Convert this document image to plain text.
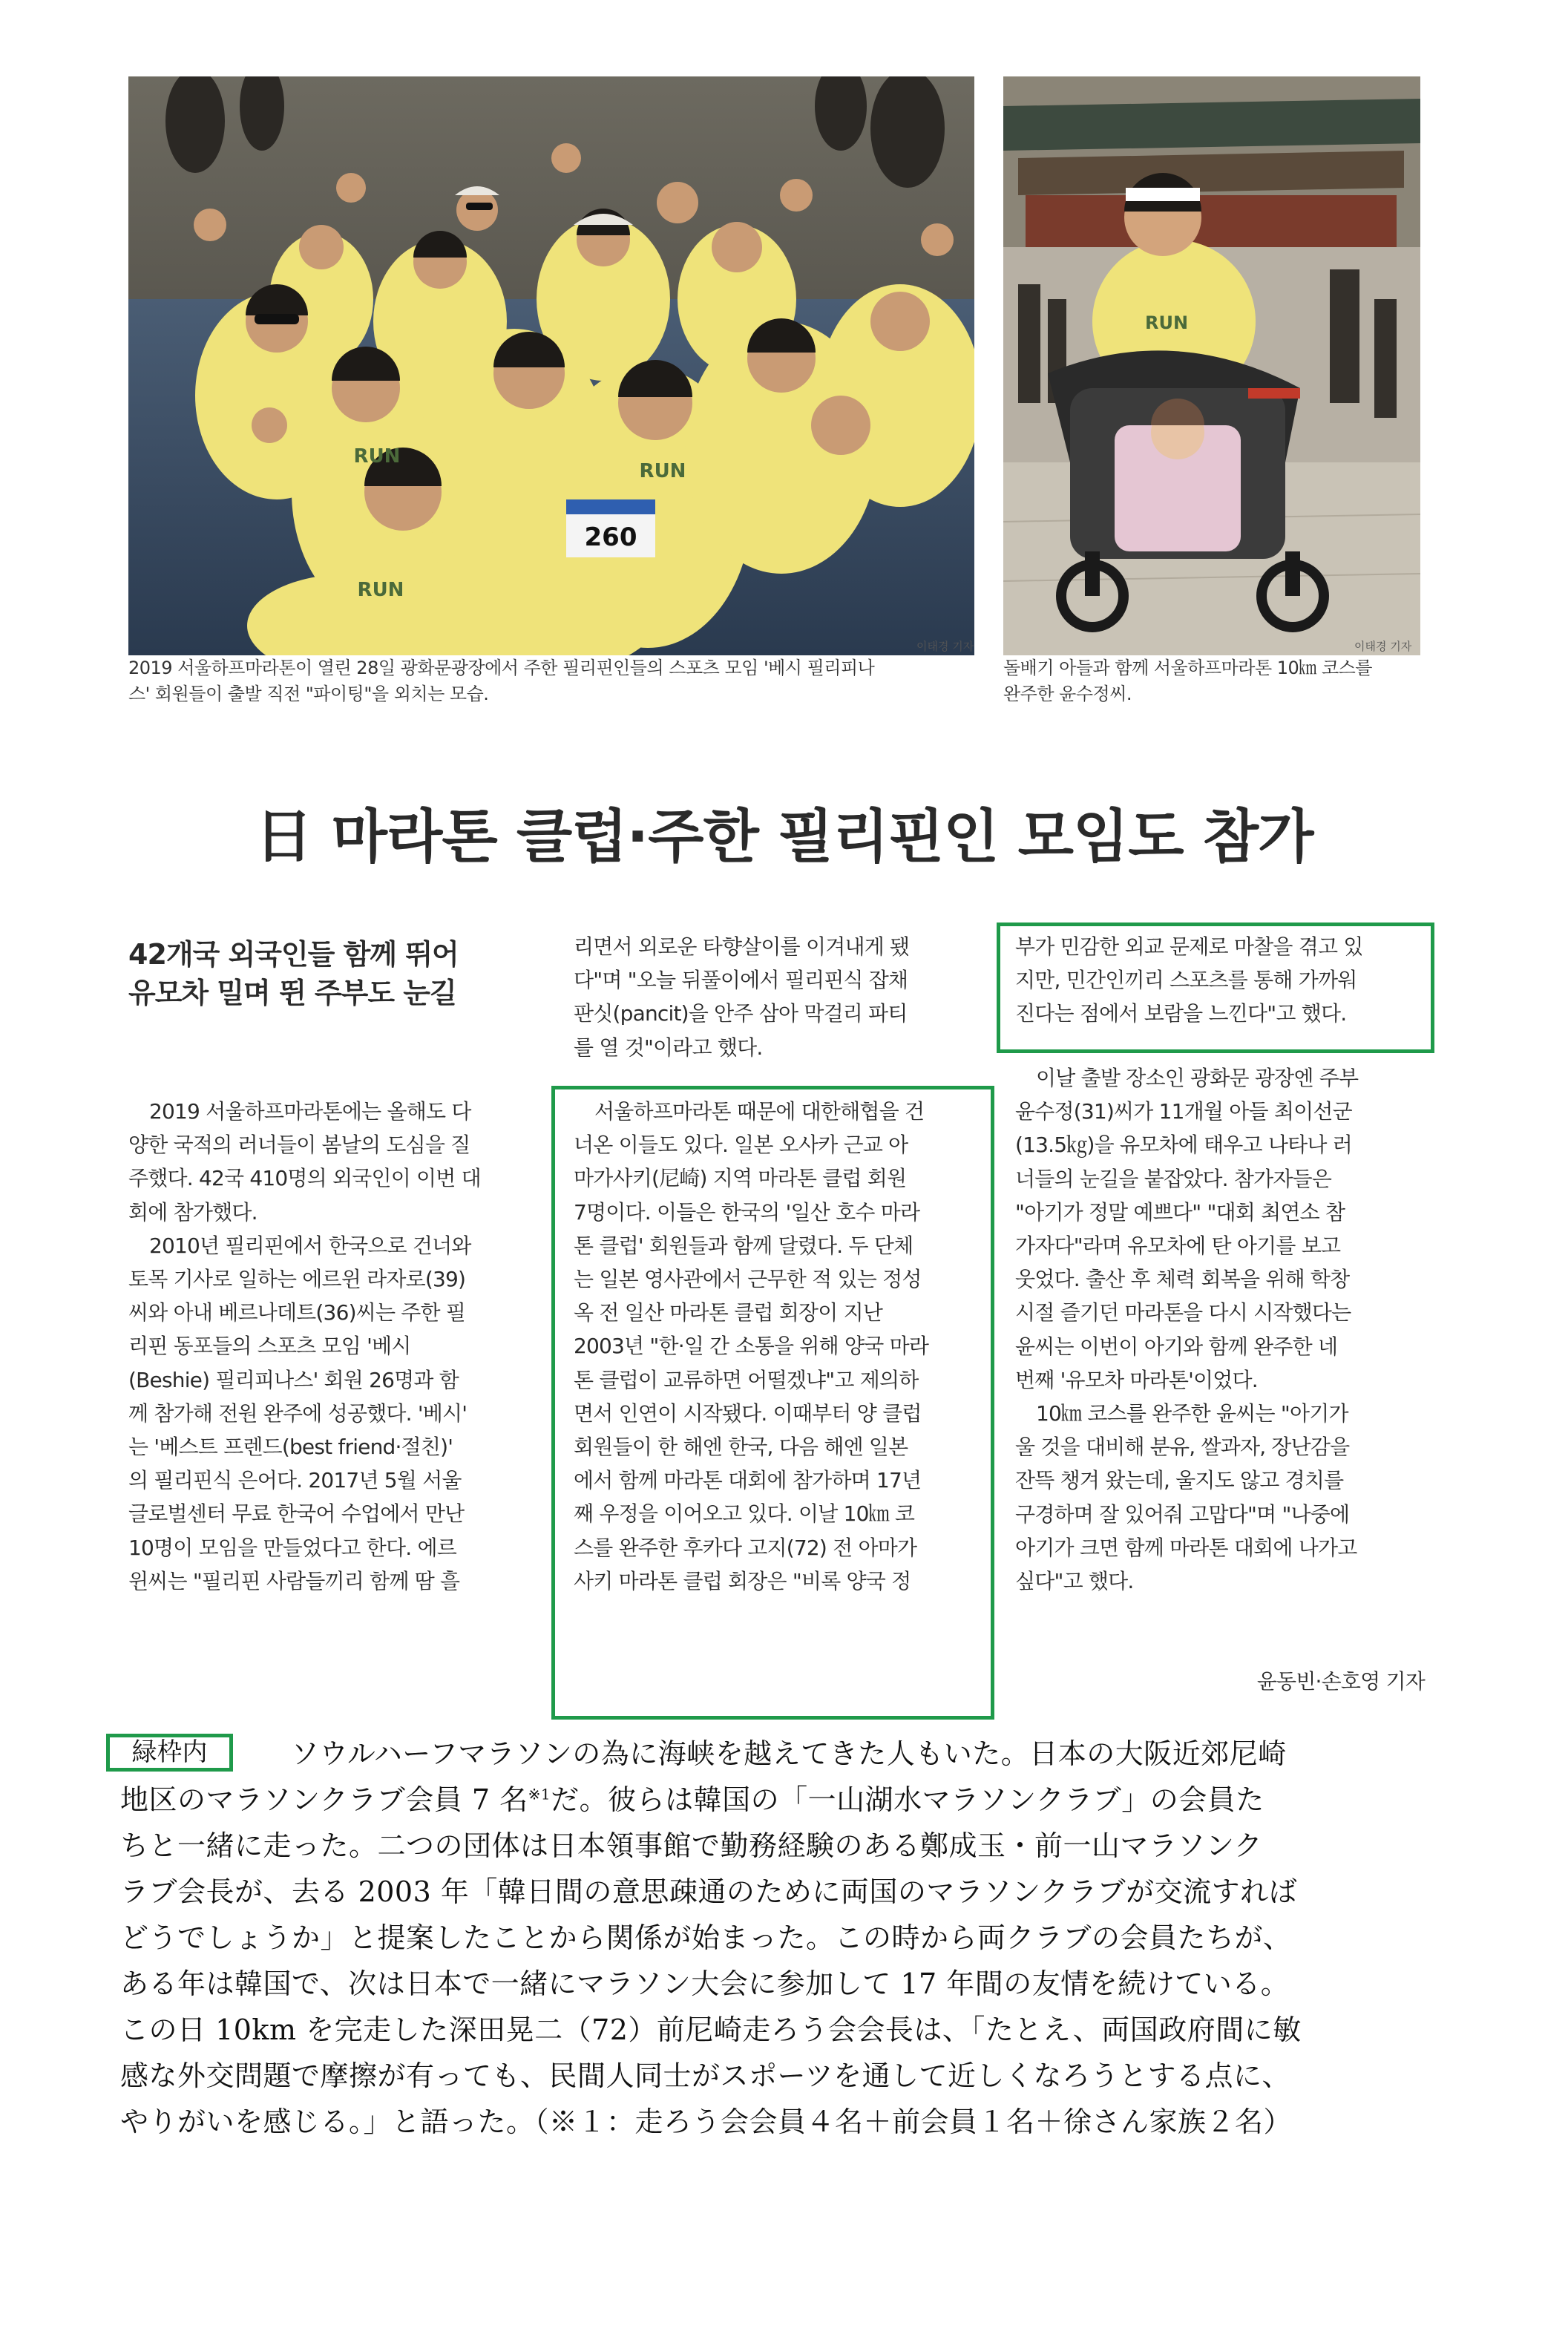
260
RUN
RUN
RUN
이태경 기자
2019 서울하프마라톤이 열린 28일 광화문광장에서 주한 필리핀인들의 스포츠 모임 '베시 필리피나
스' 회원들이 출발 직전 "파이팅"을 외치는 모습.
RUN
이태경 기자
돌배기 아들과 함께 서울하프마라톤 10㎞ 코스를
완주한 윤수정씨.
日 마라톤 클럽·주한 필리핀인 모임도 참가
42개국 외국인들 함께 뛰어
유모차 밀며 뛴 주부도 눈길

2019 서울하프마라톤에는 올해도 다

양한 국적의 러너들이 봄날의 도심을 질

주했다. 42국 410명의 외국인이 이번 대

회에 참가했다.

2010년 필리핀에서 한국으로 건너와

토목 기사로 일하는 에르윈 라자로(39)

씨와 아내 베르나데트(36)씨는 주한 필

리핀 동포들의 스포츠 모임 '베시

(Beshie) 필리피나스' 회원 26명과 함

께 참가해 전원 완주에 성공했다. '베시'

는 '베스트 프렌드(best friend·절친)'

의 필리핀식 은어다. 2017년 5월 서울

글로벌센터 무료 한국어 수업에서 만난

10명이 모임을 만들었다고 한다. 에르

윈씨는 "필리핀 사람들끼리 함께 땀 흘

리면서 외로운 타향살이를 이겨내게 됐

다"며 "오늘 뒤풀이에서 필리핀식 잡채

판싯(pancit)을 안주 삼아 막걸리 파티

를 열 것"이라고 했다.

서울하프마라톤 때문에 대한해협을 건

너온 이들도 있다. 일본 오사카 근교 아

마가사키(尼崎) 지역 마라톤 클럽 회원

7명이다. 이들은 한국의 '일산 호수 마라

톤 클럽' 회원들과 함께 달렸다. 두 단체

는 일본 영사관에서 근무한 적 있는 정성

옥 전 일산 마라톤 클럽 회장이 지난

2003년 "한·일 간 소통을 위해 양국 마라

톤 클럽이 교류하면 어떨겠냐"고 제의하

면서 인연이 시작됐다. 이때부터 양 클럽

회원들이 한 해엔 한국, 다음 해엔 일본

에서 함께 마라톤 대회에 참가하며 17년

째 우정을 이어오고 있다. 이날 10㎞ 코

스를 완주한 후카다 고지(72) 전 아마가

사키 마라톤 클럽 회장은 "비록 양국 정

부가 민감한 외교 문제로 마찰을 겪고 있

지만, 민간인끼리 스포츠를 통해 가까워

진다는 점에서 보람을 느낀다"고 했다.

이날 출발 장소인 광화문 광장엔 주부

윤수정(31)씨가 11개월 아들 최이선군

(13.5㎏)을 유모차에 태우고 나타나 러

너들의 눈길을 붙잡았다. 참가자들은

"아기가 정말 예쁘다" "대회 최연소 참

가자다"라며 유모차에 탄 아기를 보고

웃었다. 출산 후 체력 회복을 위해 학창

시절 즐기던 마라톤을 다시 시작했다는

윤씨는 이번이 아기와 함께 완주한 네

번째 '유모차 마라톤'이었다.

10㎞ 코스를 완주한 윤씨는 "아기가

울 것을 대비해 분유, 쌀과자, 장난감을

잔뜩 챙겨 왔는데, 울지도 않고 경치를

구경하며 잘 있어줘 고맙다"며 "나중에

아기가 크면 함께 마라톤 대회에 나가고

싶다"고 했다.

윤동빈·손호영 기자
緑枠内	ソウルハーフマラソンの為に海峡を越えてきた人もいた。日本の大阪近郊尼崎
地区のマラソンクラブ会員 7 名$^{※1}$だ。彼らは韓国の「一山湖水マラソンクラブ」の会員た
ちと一緒に走った。二つの団体は日本領事館で勤務経験のある鄭成玉・前一山マラソンク
ラブ会長が、去る 2003 年「韓日間の意思疎通のために両国のマラソンクラブが交流すれば
どうでしょうか」と提案したことから関係が始まった。この時から両クラブの会員たちが、
ある年は韓国で、次は日本で一緒にマラソン大会に参加して 17 年間の友情を続けている。
この日 10km を完走した深田晃二（72）前尼崎走ろう会会長は、「たとえ、両国政府間に敏
感な外交問題で摩擦が有っても、民間人同士がスポーツを通して近しくなろうとする点に、
やりがいを感じる。」と語った。（※１：走ろう会会員４名＋前会員１名＋徐さん家族２名）
